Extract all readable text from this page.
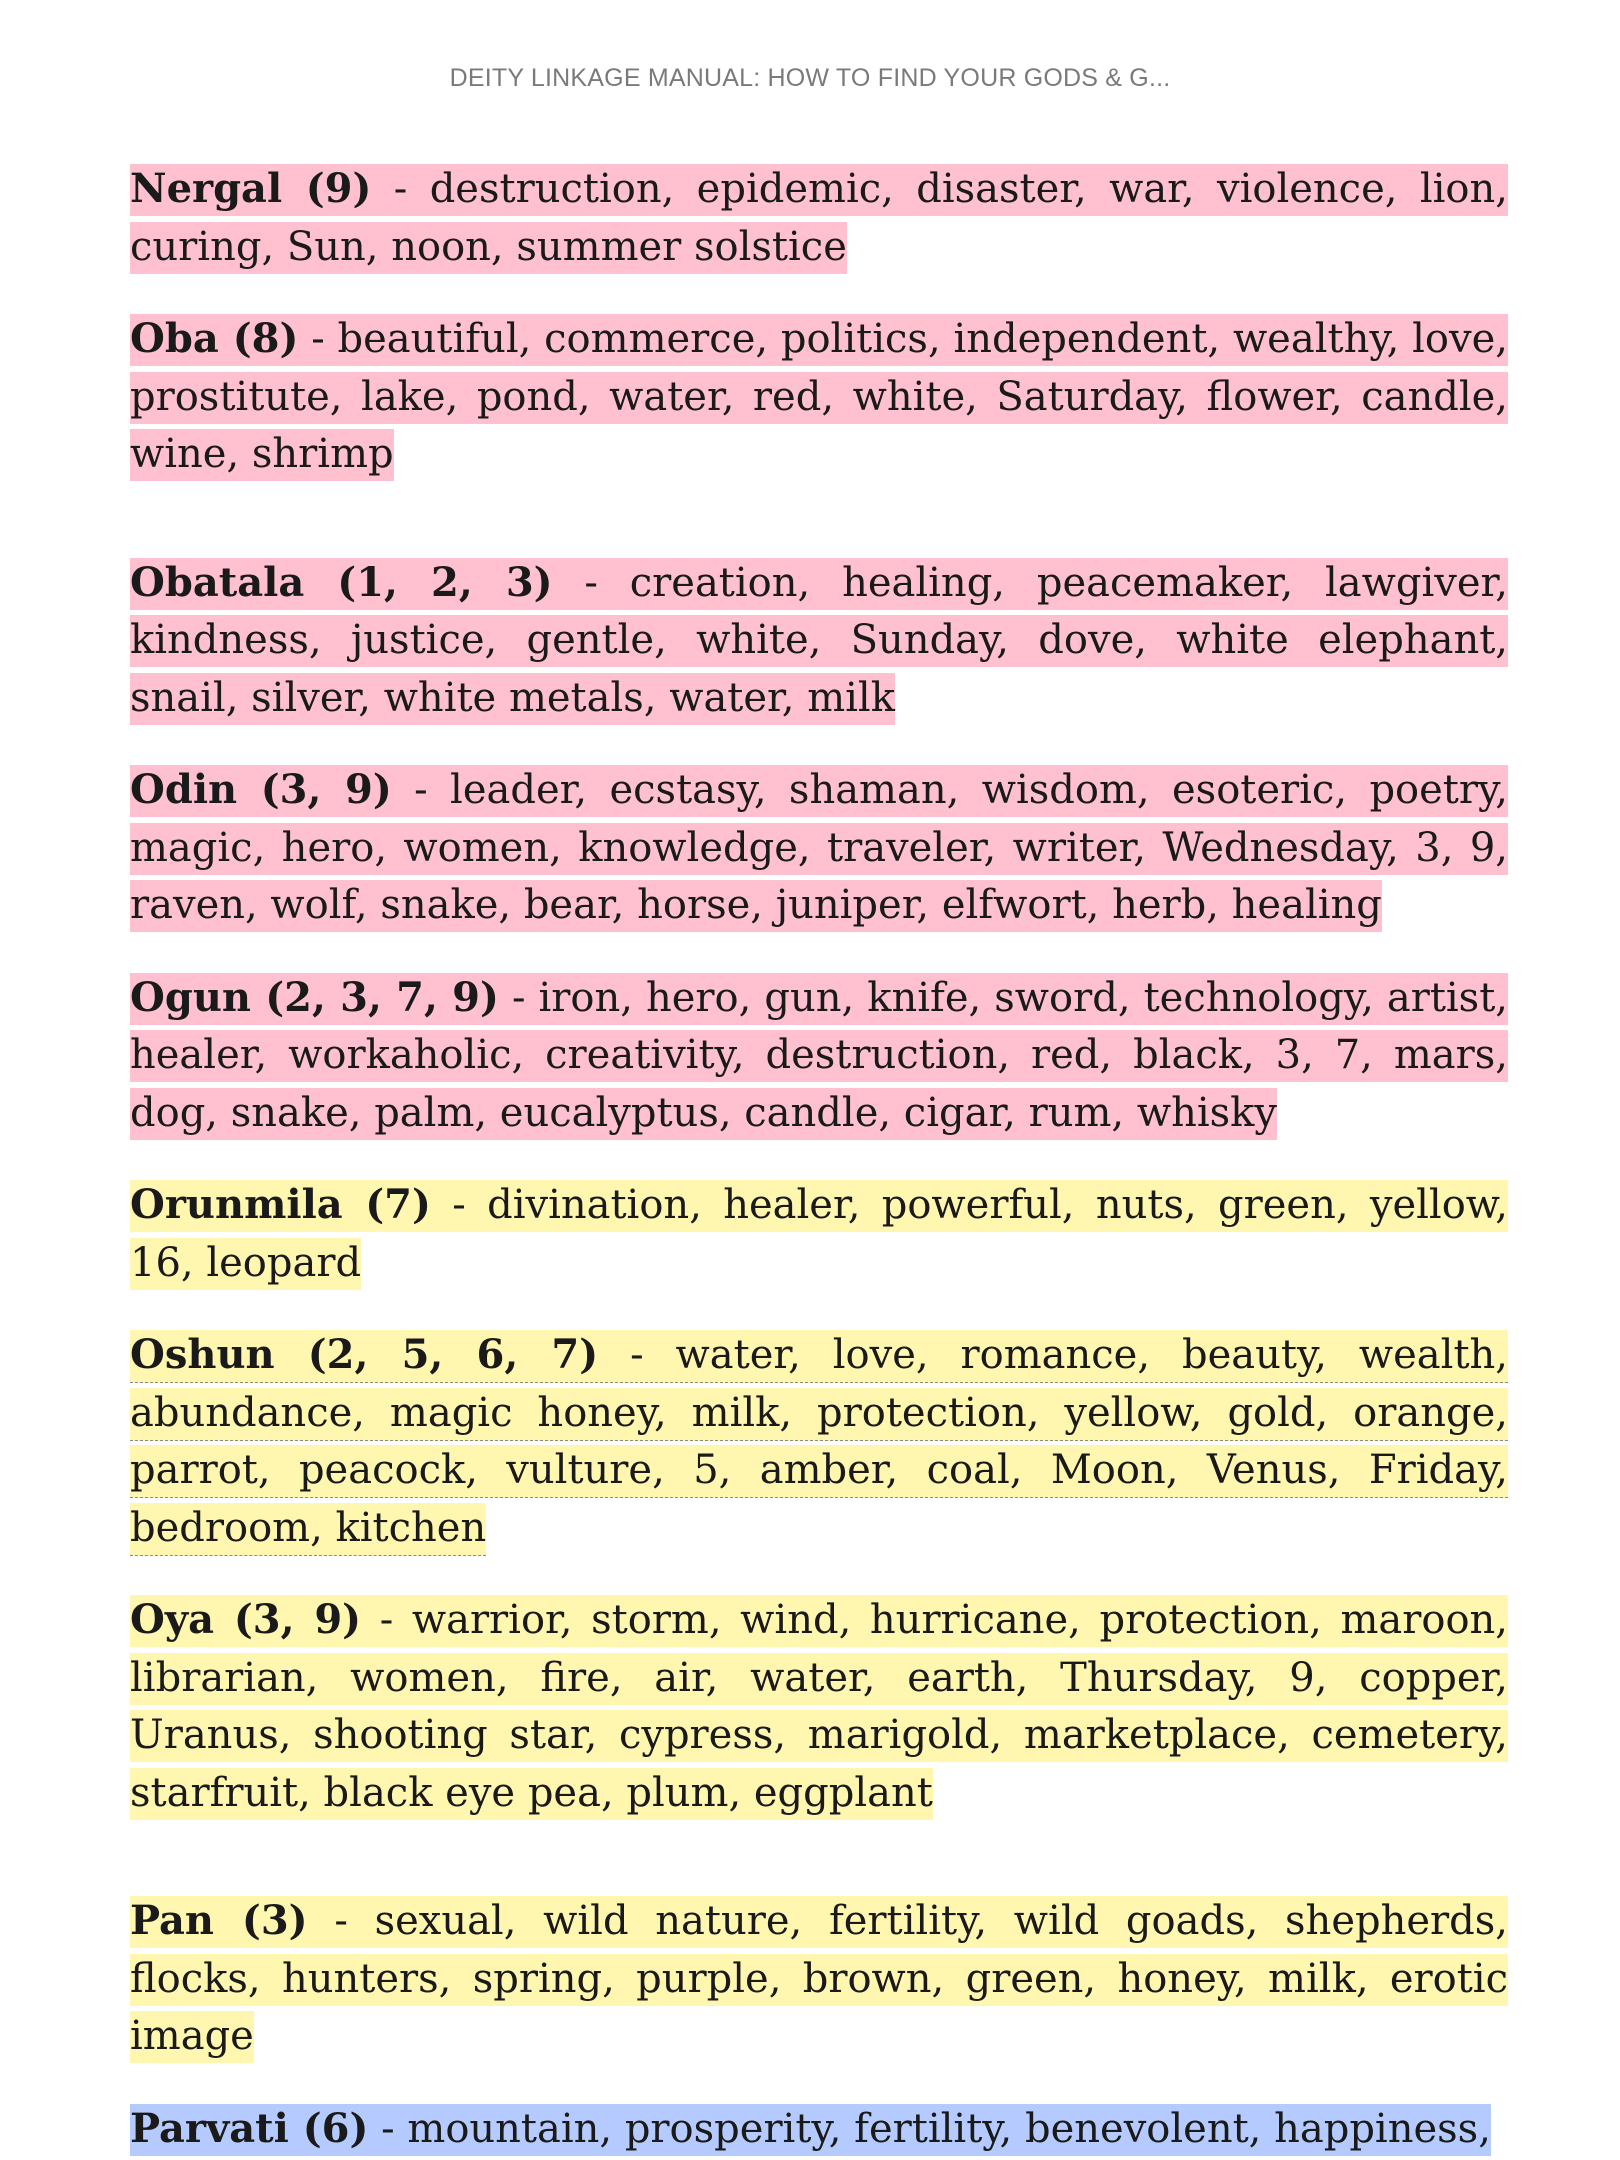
DEITY LINKAGE MANUAL: HOW TO FIND YOUR GODS & G...

Nergal (9) - destruction, epidemic, disaster, war, violence, lion, curing, Sun, noon, summer solstice

Oba (8) - beautiful, commerce, politics, independent, wealthy, love, prostitute, lake, pond, water, red, white, Saturday, flower, candle, wine, shrimp

Obatala (1, 2, 3) - creation, healing, peacemaker, lawgiver, kindness, justice, gentle, white, Sunday, dove, white elephant, snail, silver, white metals, water, milk

Odin (3, 9) - leader, ecstasy, shaman, wisdom, esoteric, poetry, magic, hero, women, knowledge, traveler, writer, Wednesday, 3, 9, raven, wolf, snake, bear, horse, juniper, elfwort, herb, healing

Ogun (2, 3, 7, 9) - iron, hero, gun, knife, sword, technology, artist, healer, workaholic, creativity, destruction, red, black, 3, 7, mars, dog, snake, palm, eucalyptus, candle, cigar, rum, whisky

Orunmila (7) - divination, healer, powerful, nuts, green, yellow, 16, leopard

Oshun (2, 5, 6, 7) - water, love, romance, beauty, wealth, abundance, magic honey, milk, protection, yellow, gold, orange, parrot, peacock, vulture, 5, amber, coal, Moon, Venus, Friday, bedroom, kitchen

Oya (3, 9) - warrior, storm, wind, hurricane, protection, maroon, librarian, women, fire, air, water, earth, Thursday, 9, copper, Uranus, shooting star, cypress, marigold, marketplace, cemetery, starfruit, black eye pea, plum, eggplant

Pan (3) - sexual, wild nature, fertility, wild goads, shepherds, flocks, hunters, spring, purple, brown, green, honey, milk, erotic image

Parvati (6) - mountain, prosperity, fertility, benevolent, happiness,
